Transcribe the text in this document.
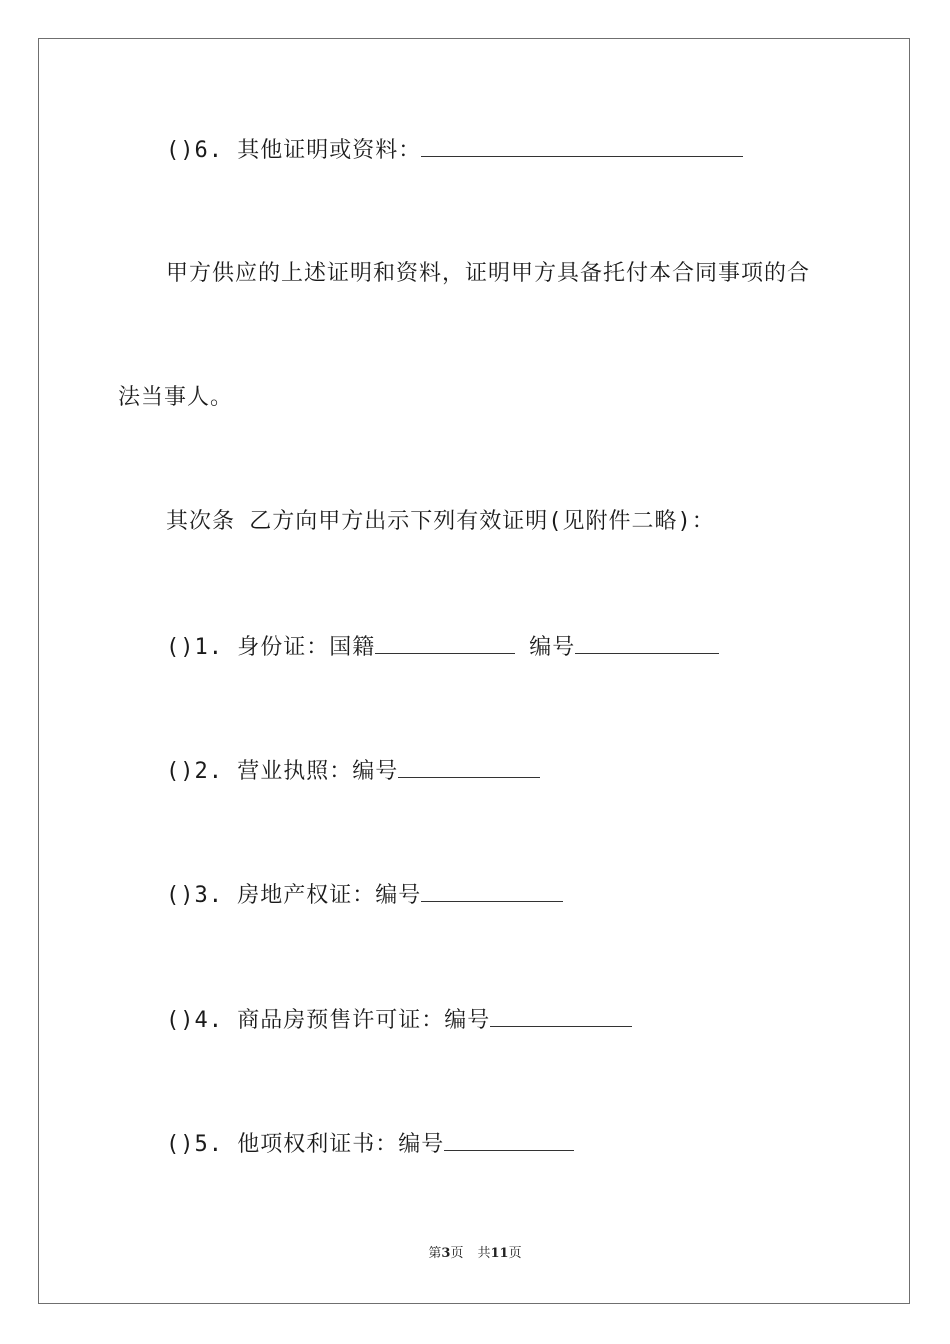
()6. 其他证明或资料：
甲方供应的上述证明和资料，证明甲方具备托付本合同事项的合
法当事人。
其次条 乙方向甲方出示下列有效证明(见附件二略)：
()1. 身份证：国籍	编号
()2. 营业执照：编号
()3. 房地产权证：编号
()4. 商品房预售许可证：编号
()5. 他项权利证书：编号
第3页 共11页
